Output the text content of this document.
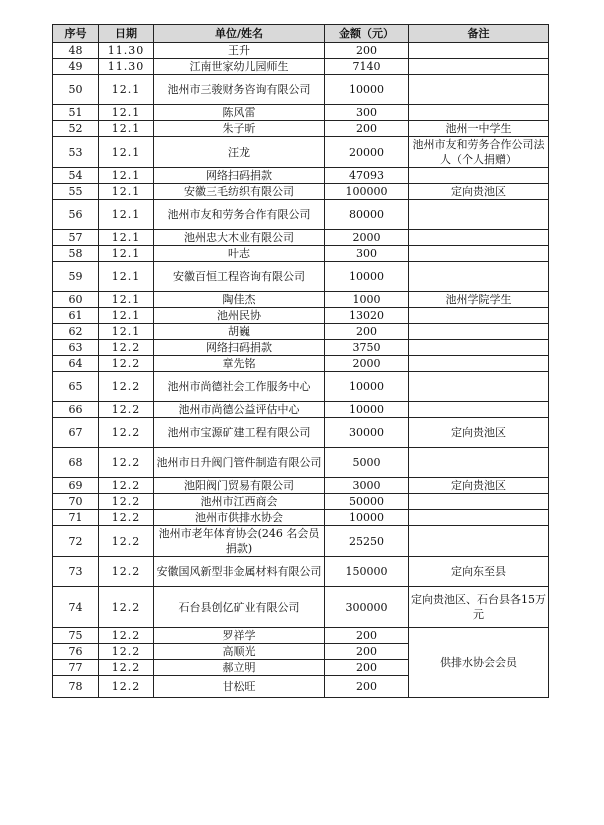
序号	日期	单位/姓名	金额（元）	备注
48	11.30	王升	200	
49	11.30	江南世家幼儿园师生	7140	
50	12.1	池州市三骏财务咨询有限公司	10000	
51	12.1	陈风雷	300	
52	12.1	朱子昕	200	池州一中学生
53	12.1	汪龙	20000	池州市友和劳务合作公司法人（个人捐赠）
54	12.1	网络扫码捐款	47093	
55	12.1	安徽三毛纺织有限公司	100000	定向贵池区
56	12.1	池州市友和劳务合作有限公司	80000	
57	12.1	池州忠大木业有限公司	2000	
58	12.1	叶志	300	
59	12.1	安徽百恒工程咨询有限公司	10000	
60	12.1	陶佳杰	1000	池州学院学生
61	12.1	池州民协	13020	
62	12.1	胡巍	200	
63	12.2	网络扫码捐款	3750	
64	12.2	章先铭	2000	
65	12.2	池州市尚德社会工作服务中心	10000	
66	12.2	池州市尚德公益评估中心	10000	
67	12.2	池州市宝源矿建工程有限公司	30000	定向贵池区
68	12.2	池州市日升阀门管件制造有限公司	5000	
69	12.2	池阳阀门贸易有限公司	3000	定向贵池区
70	12.2	池州市江西商会	50000	
71	12.2	池州市供排水协会	10000	
72	12.2	池州市老年体育协会(246 名会员捐款)	25250	
73	12.2	安徽国风新型非金属材料有限公司	150000	定向东至县
74	12.2	石台县创亿矿业有限公司	300000	定向贵池区、石台县各15万元
75	12.2	罗祥学	200	供排水协会会员
76	12.2	高顺光	200	
77	12.2	郝立明	200	
78	12.2	甘松旺	200	
